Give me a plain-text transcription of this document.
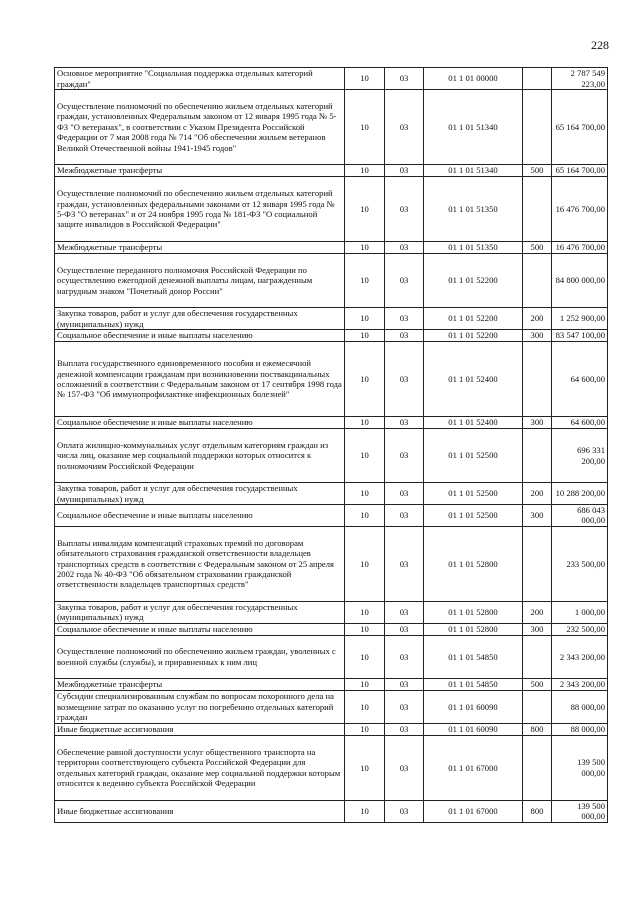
228
Основное мероприятие "Социальная поддержка отдельных категорий граждан"	10	03	01 1 01 00000		2 787 549 223,00
Осуществление полномочий по обеспечению жильем отдельных категорий граждан, установленных Федеральным законом от 12 января 1995 года № 5-ФЗ "О ветеранах", в соответствии с Указом Президента Российской Федерации от 7 мая 2008 года № 714 "Об обеспечении жильем ветеранов Великой Отечественной войны 1941-1945 годов"	10	03	01 1 01 51340		65 164 700,00
Межбюджетные трансферты	10	03	01 1 01 51340	500	65 164 700,00
Осуществление полномочий по обеспечению жильем отдельных категорий граждан, установленных федеральными законами от 12 января 1995 года № 5-ФЗ "О ветеранах" и от 24 ноября 1995 года № 181-ФЗ "О социальной защите инвалидов в Российской Федерации"	10	03	01 1 01 51350		16 476 700,00
Межбюджетные трансферты	10	03	01 1 01 51350	500	16 476 700,00
Осуществление переданного полномочия Российской Федерации по осуществлению ежегодной денежной выплаты лицам, награжденным нагрудным знаком "Почетный донор России"	10	03	01 1 01 52200		84 800 000,00
Закупка товаров, работ и услуг для обеспечения государственных (муниципальных) нужд	10	03	01 1 01 52200	200	1 252 900,00
Социальное обеспечение и иные выплаты населению	10	03	01 1 01 52200	300	83 547 100,00
Выплата государственного единовременного пособия и ежемесячной денежной компенсации гражданам при возникновении поствакцинальных осложнений в соответствии с Федеральным законом от 17 сентября 1998 года № 157-ФЗ "Об иммунопрофилактике инфекционных болезней"	10	03	01 1 01 52400		64 600,00
Социальное обеспечение и иные выплаты населению	10	03	01 1 01 52400	300	64 600,00
Оплата жилищно-коммунальных услуг отдельным категориям граждан из числа лиц, оказание мер социальной поддержки которых относится к полномочиям Российской Федерации	10	03	01 1 01 52500		696 331 200,00
Закупка товаров, работ и услуг для обеспечения государственных (муниципальных) нужд	10	03	01 1 01 52500	200	10 288 200,00
Социальное обеспечение и иные выплаты населению	10	03	01 1 01 52500	300	686 043 000,00
Выплаты инвалидам компенсаций страховых премий по договорам обязательного страхования гражданской ответственности владельцев транспортных средств в соответствии с Федеральным законом от 25 апреля 2002 года № 40-ФЗ "Об обязательном страховании гражданской ответственности владельцев транспортных средств"	10	03	01 1 01 52800		233 500,00
Закупка товаров, работ и услуг для обеспечения государственных (муниципальных) нужд	10	03	01 1 01 52800	200	1 000,00
Социальное обеспечение и иные выплаты населению	10	03	01 1 01 52800	300	232 500,00
Осуществление полномочий по обеспечению жильем граждан, уволенных с военной службы (службы), и приравненных к ним лиц	10	03	01 1 01 54850		2 343 200,00
Межбюджетные трансферты	10	03	01 1 01 54850	500	2 343 200,00
Субсидии специализированным службам по вопросам похоронного дела на возмещение затрат по оказанию услуг по погребению отдельных категорий граждан	10	03	01 1 01 60090		88 000,00
Иные бюджетные ассигнования	10	03	01 1 01 60090	800	88 000,00
Обеспечение равной доступности услуг общественного транспорта на территории соответствующего субъекта Российской Федерации для отдельных категорий граждан, оказание мер социальной поддержки которым относится к ведению субъекта Российской Федерации	10	03	01 1 01 67000		139 500 000,00
Иные бюджетные ассигнования	10	03	01 1 01 67000	800	139 500 000,00
